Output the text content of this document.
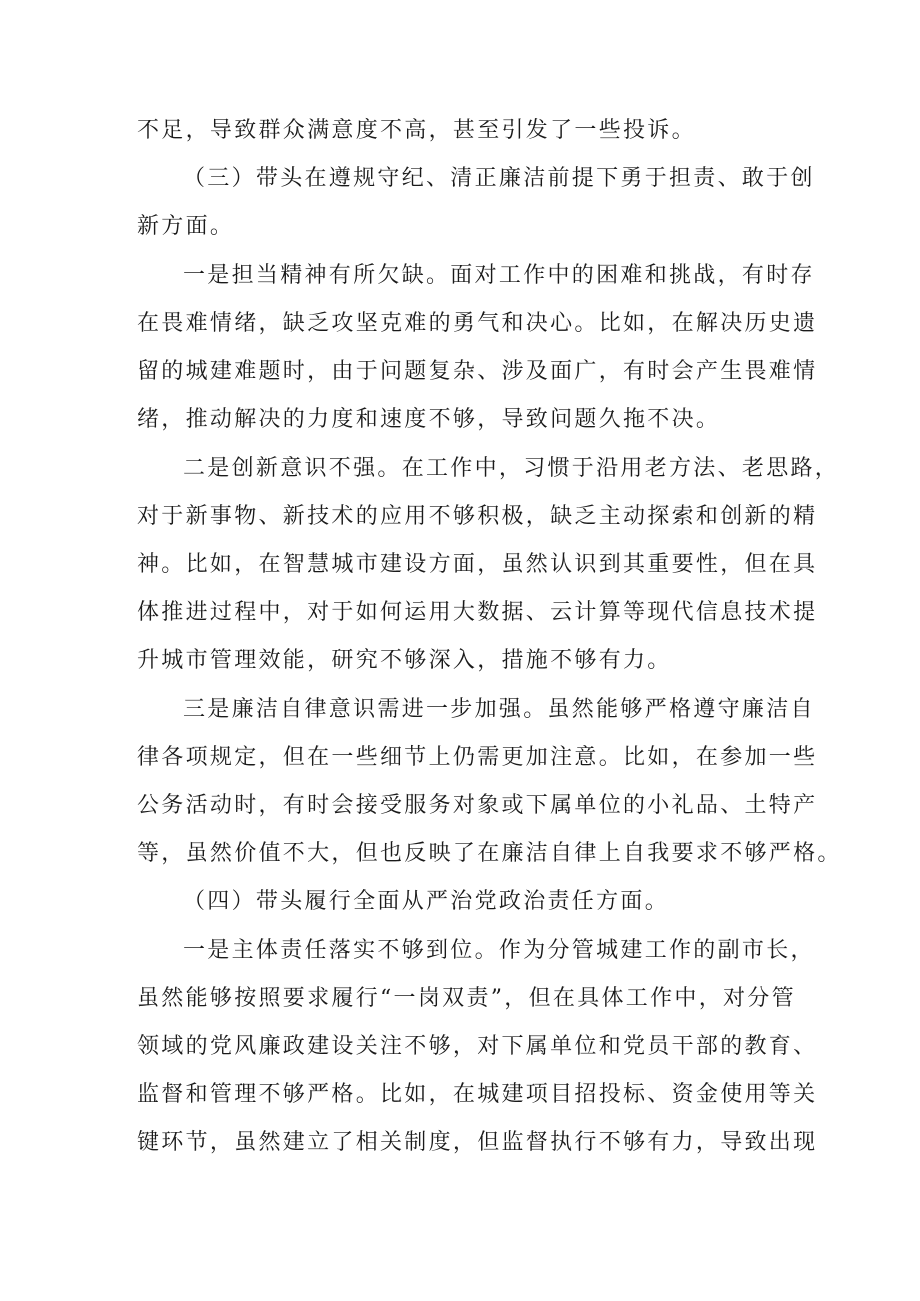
不足，导致群众满意度不高，甚至引发了一些投诉。
（三）带头在遵规守纪、清正廉洁前提下勇于担责、敢于创
新方面。
一是担当精神有所欠缺。面对工作中的困难和挑战，有时存
在畏难情绪，缺乏攻坚克难的勇气和决心。比如，在解决历史遗
留的城建难题时，由于问题复杂、涉及面广，有时会产生畏难情
绪，推动解决的力度和速度不够，导致问题久拖不决。
二是创新意识不强。在工作中，习惯于沿用老方法、老思路，
对于新事物、新技术的应用不够积极，缺乏主动探索和创新的精
神。比如，在智慧城市建设方面，虽然认识到其重要性，但在具
体推进过程中，对于如何运用大数据、云计算等现代信息技术提
升城市管理效能，研究不够深入，措施不够有力。
三是廉洁自律意识需进一步加强。虽然能够严格遵守廉洁自
律各项规定，但在一些细节上仍需更加注意。比如，在参加一些
公务活动时，有时会接受服务对象或下属单位的小礼品、土特产
等，虽然价值不大，但也反映了在廉洁自律上自我要求不够严格。
（四）带头履行全面从严治党政治责任方面。
一是主体责任落实不够到位。作为分管城建工作的副市长，
虽然能够按照要求履行“一岗双责”，但在具体工作中，对分管
领域的党风廉政建设关注不够，对下属单位和党员干部的教育、
监督和管理不够严格。比如，在城建项目招投标、资金使用等关
键环节，虽然建立了相关制度，但监督执行不够有力，导致出现
